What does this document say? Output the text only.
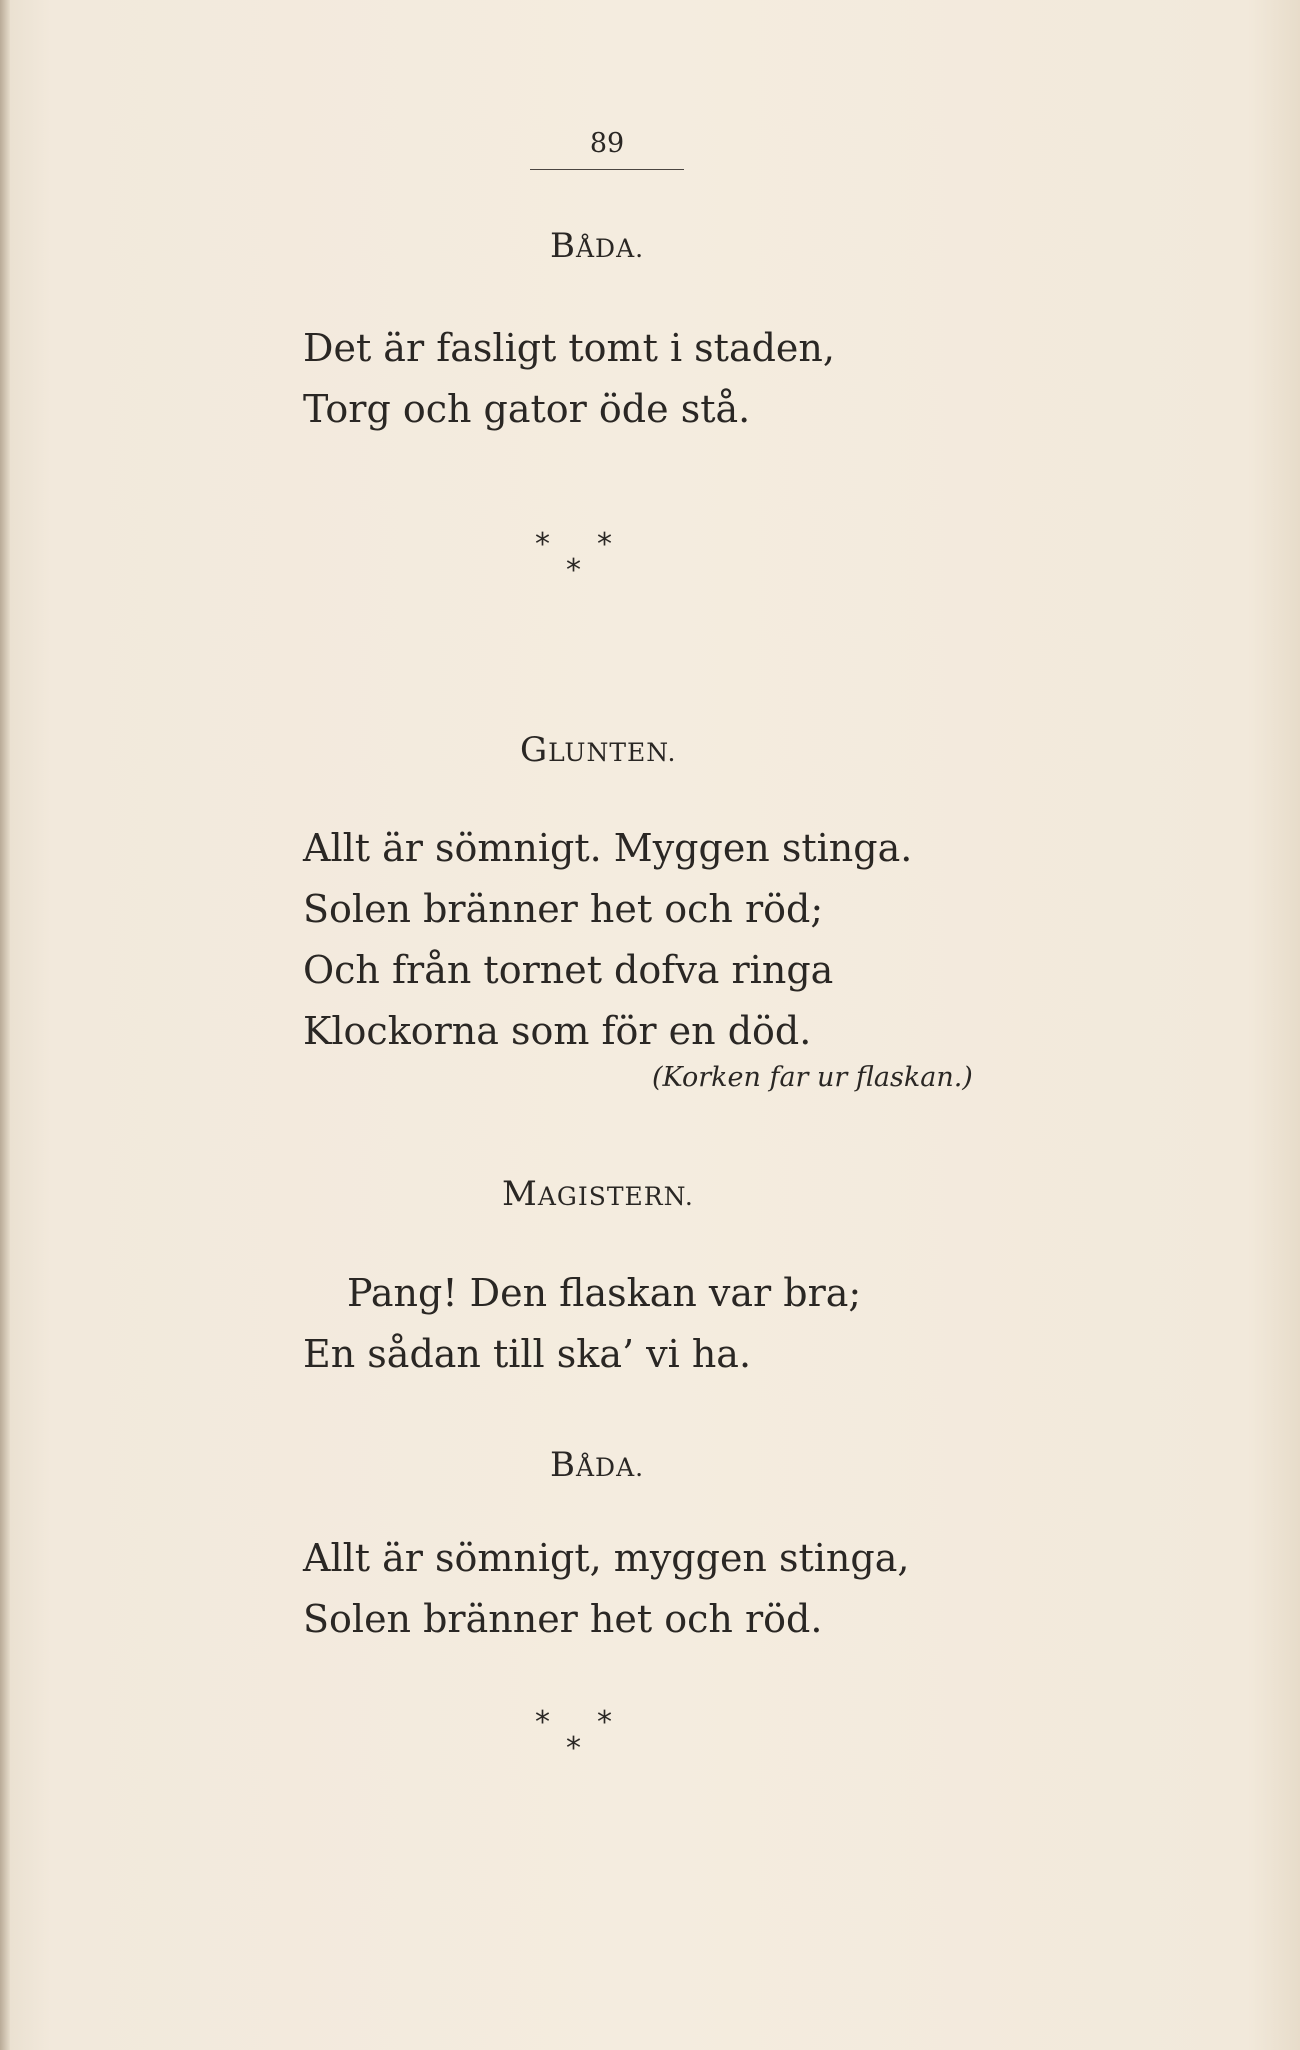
89
BÅDA.
Det är fasligt tomt i staden,
Torg och gator öde stå.
* *
*
GLUNTEN.
Allt är sömnigt. Myggen stinga.
Solen bränner het och röd;
Och från tornet dofva ringa
Klockorna som för en död.
(Korken far ur flaskan.)
MAGISTERN.
Pang! Den flaskan var bra;
En sådan till ska’ vi ha.
BÅDA.
Allt är sömnigt, myggen stinga,
Solen bränner het och röd.
* *
*
